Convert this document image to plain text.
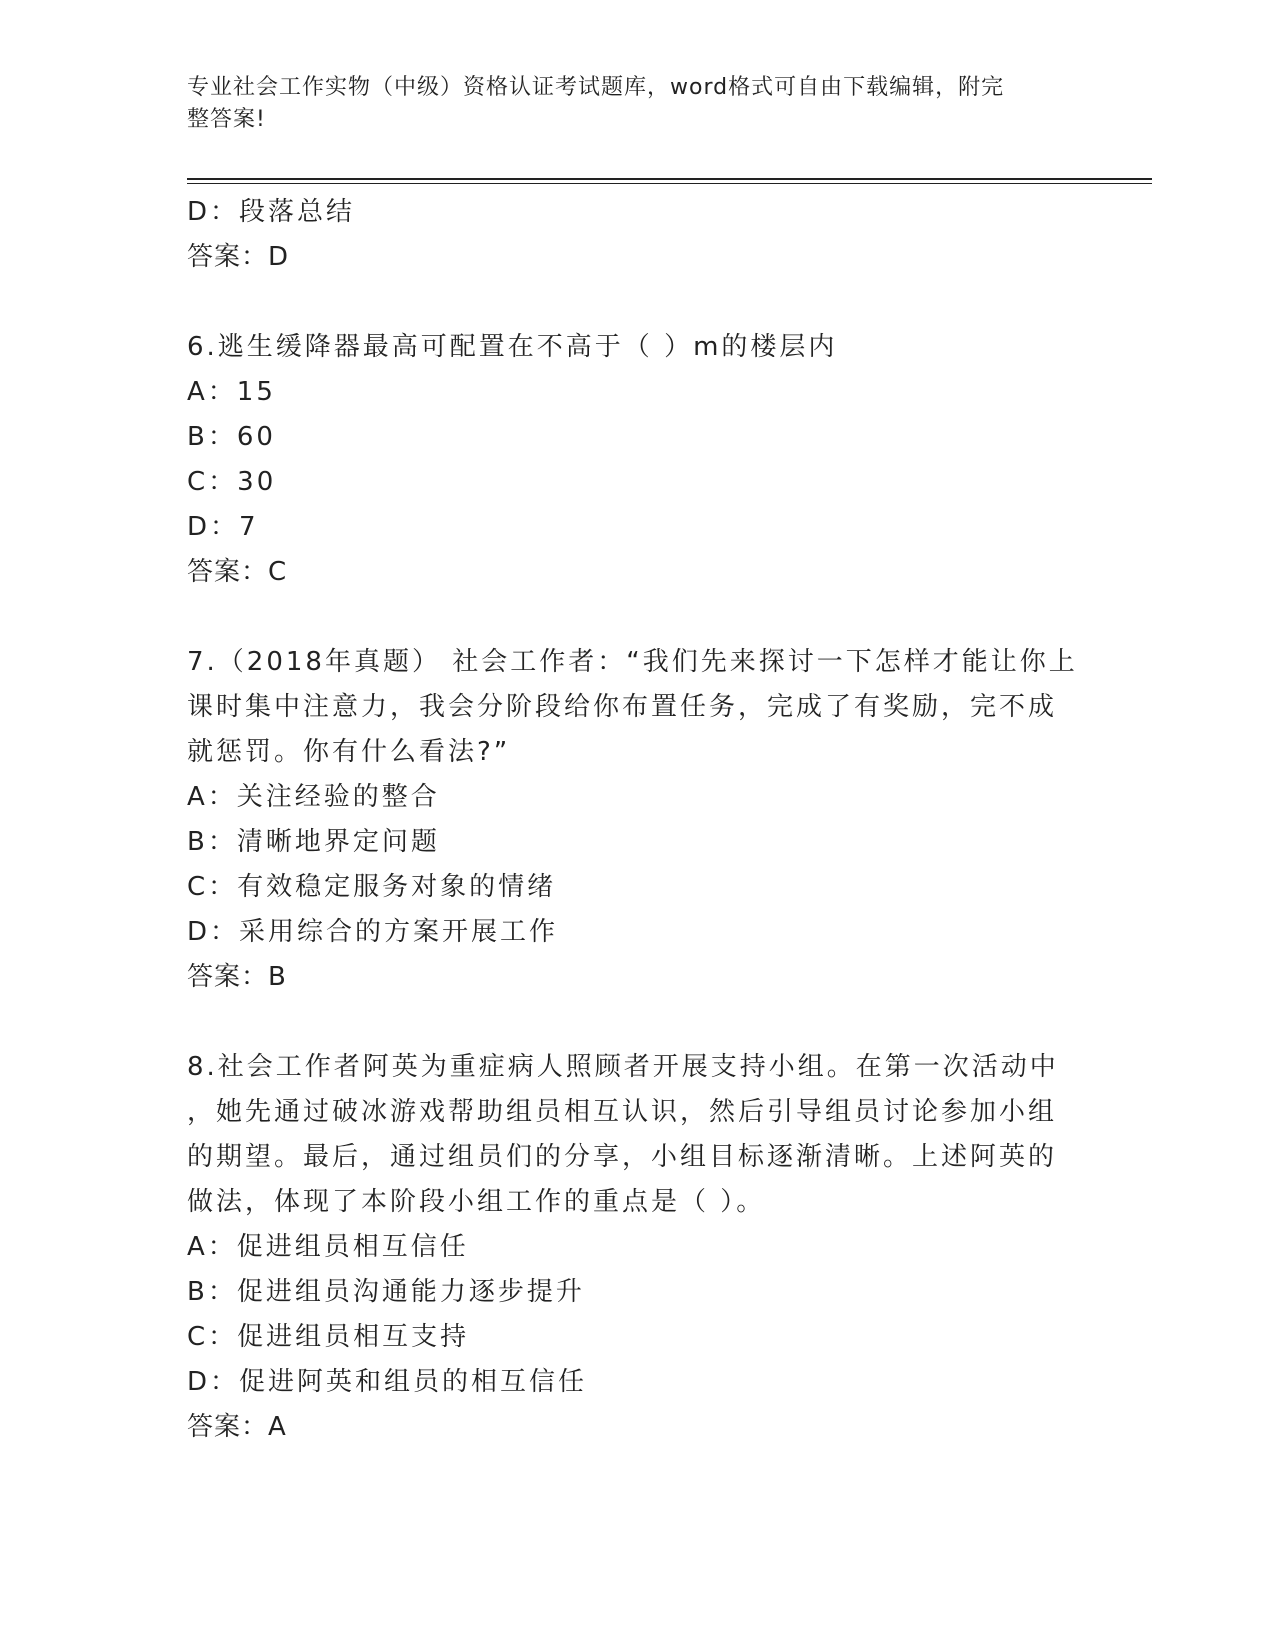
专业社会工作实物（中级）资格认证考试题库，word格式可自由下载编辑，附完
整答案!
D：段落总结
答案：D
6.逃生缓降器最高可配置在不高于（ ）m的楼层内
A：15
B：60
C：30
D：7
答案：C
7.（2018年真题） 社会工作者：“我们先来探讨一下怎样才能让你上
课时集中注意力，我会分阶段给你布置任务，完成了有奖励，完不成
就惩罚。你有什么看法?”
A：关注经验的整合
B：清晰地界定问题
C：有效稳定服务对象的情绪
D：采用综合的方案开展工作
答案：B
8.社会工作者阿英为重症病人照顾者开展支持小组。在第一次活动中
，她先通过破冰游戏帮助组员相互认识，然后引导组员讨论参加小组
的期望。最后，通过组员们的分享，小组目标逐渐清晰。上述阿英的
做法，体现了本阶段小组工作的重点是（ ）。
A：促进组员相互信任
B：促进组员沟通能力逐步提升
C：促进组员相互支持
D：促进阿英和组员的相互信任
答案：A
